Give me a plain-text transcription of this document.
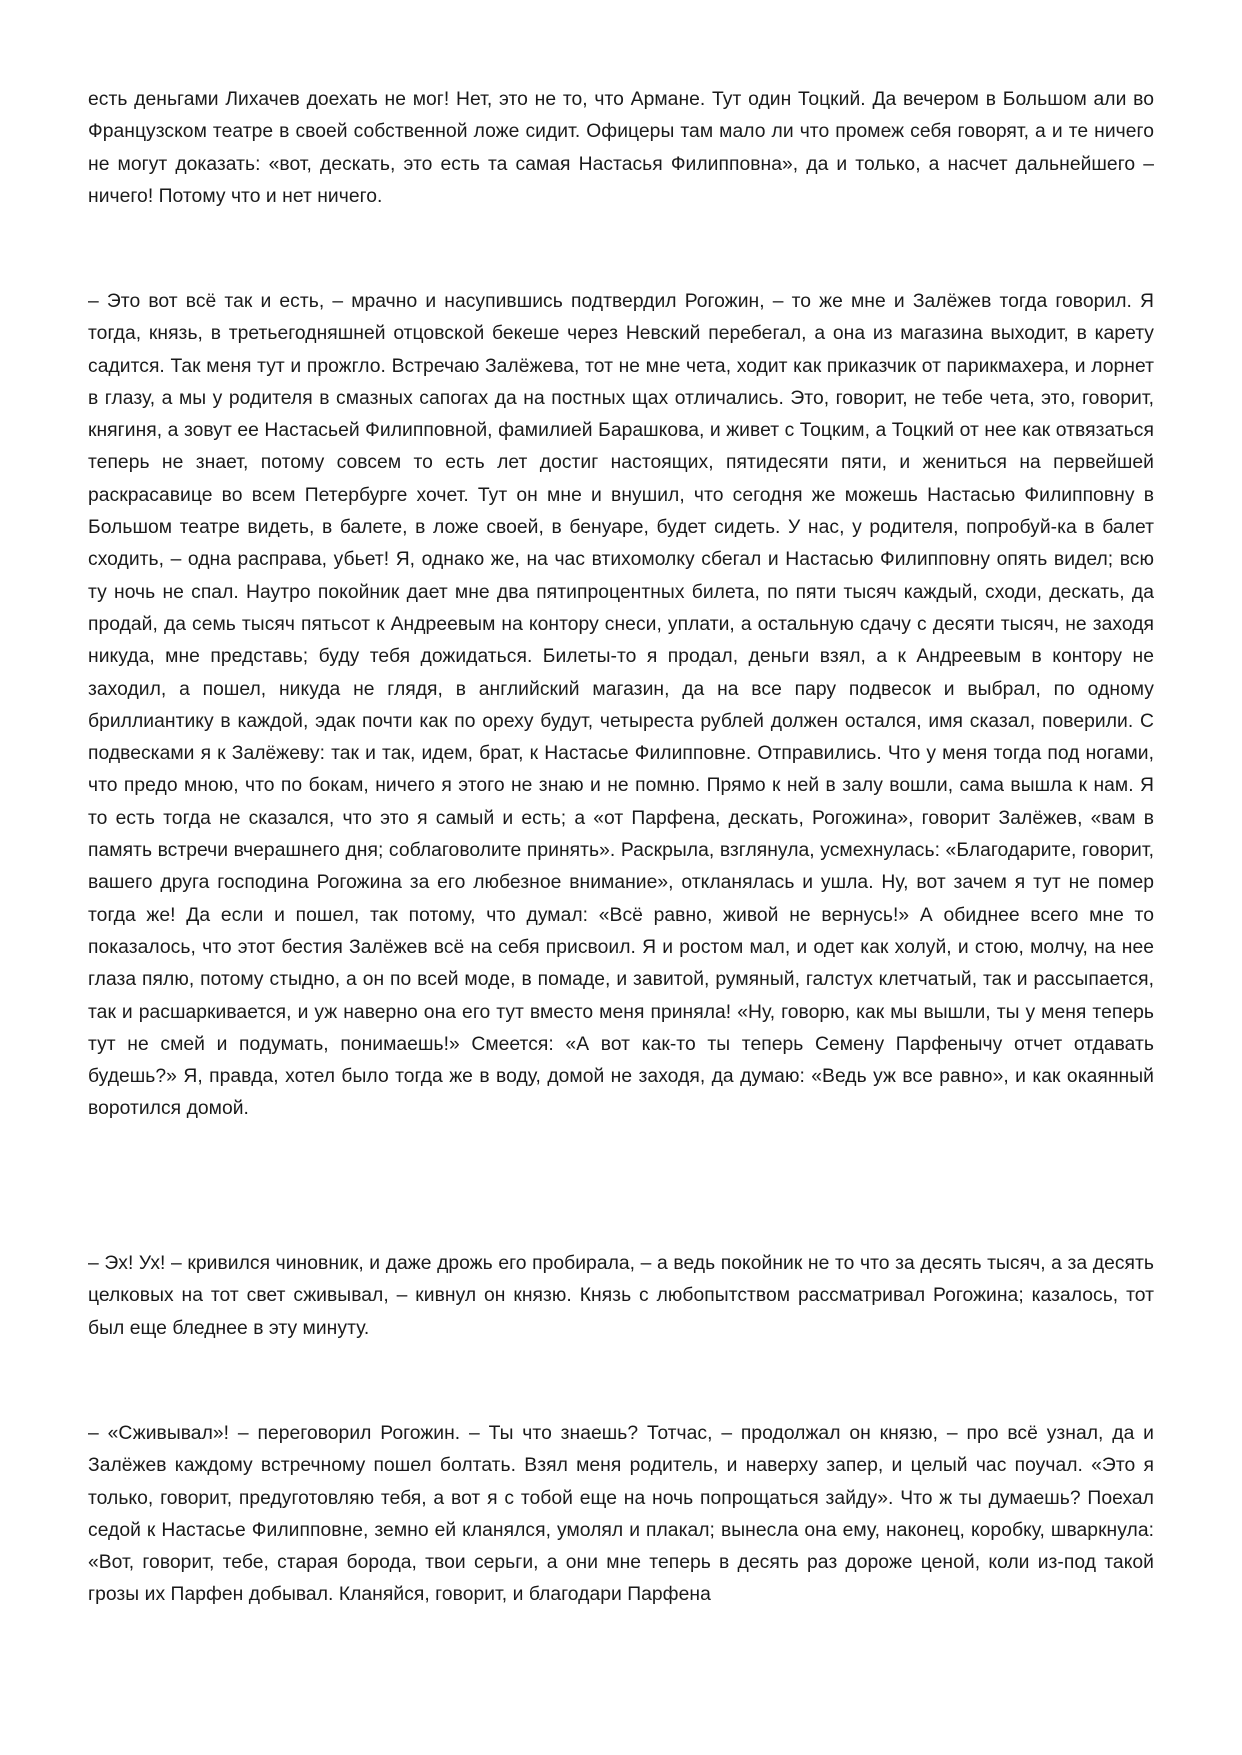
есть деньгами Лихачев доехать не мог! Нет, это не то, что Армане. Тут один Тоцкий. Да вечером в Большом али во Французском театре в своей собственной ложе сидит. Офицеры там мало ли что промеж себя говорят, а и те ничего не могут доказать: «вот, дескать, это есть та самая Настасья Филипповна», да и только, а насчет дальнейшего – ничего! Потому что и нет ничего.

– Это вот всё так и есть, – мрачно и насупившись подтвердил Рогожин, – то же мне и Залёжев тогда говорил. Я тогда, князь, в третьегодняшней отцовской бекеше через Невский перебегал, а она из магазина выходит, в карету садится. Так меня тут и прожгло. Встречаю Залёжева, тот не мне чета, ходит как приказчик от парикмахера, и лорнет в глазу, а мы у родителя в смазных сапогах да на постных щах отличались. Это, говорит, не тебе чета, это, говорит, княгиня, а зовут ее Настасьей Филипповной, фамилией Барашкова, и живет с Тоцким, а Тоцкий от нее как отвязаться теперь не знает, потому совсем то есть лет достиг настоящих, пятидесяти пяти, и жениться на первейшей раскрасавице во всем Петербурге хочет. Тут он мне и внушил, что сегодня же можешь Настасью Филипповну в Большом театре видеть, в балете, в ложе своей, в бенуаре, будет сидеть. У нас, у родителя, попробуй-ка в балет сходить, – одна расправа, убьет! Я, однако же, на час втихомолку сбегал и Настасью Филипповну опять видел; всю ту ночь не спал. Наутро покойник дает мне два пятипроцентных билета, по пяти тысяч каждый, сходи, дескать, да продай, да семь тысяч пятьсот к Андреевым на контору снеси, уплати, а остальную сдачу с десяти тысяч, не заходя никуда, мне представь; буду тебя дожидаться. Билеты-то я продал, деньги взял, а к Андреевым в контору не заходил, а пошел, никуда не глядя, в английский магазин, да на все пару подвесок и выбрал, по одному бриллиантику в каждой, эдак почти как по ореху будут, четыреста рублей должен остался, имя сказал, поверили. С подвесками я к Залёжеву: так и так, идем, брат, к Настасье Филипповне. Отправились. Что у меня тогда под ногами, что предо мною, что по бокам, ничего я этого не знаю и не помню. Прямо к ней в залу вошли, сама вышла к нам. Я то есть тогда не сказался, что это я самый и есть; а «от Парфена, дескать, Рогожина», говорит Залёжев, «вам в память встречи вчерашнего дня; соблаговолите принять». Раскрыла, взглянула, усмехнулась: «Благодарите, говорит, вашего друга господина Рогожина за его любезное внимание», откланялась и ушла. Ну, вот зачем я тут не помер тогда же! Да если и пошел, так потому, что думал: «Всё равно, живой не вернусь!» А обиднее всего мне то показалось, что этот бестия Залёжев всё на себя присвоил. Я и ростом мал, и одет как холуй, и стою, молчу, на нее глаза пялю, потому стыдно, а он по всей моде, в помаде, и завитой, румяный, галстух клетчатый, так и рассыпается, так и расшаркивается, и уж наверно она его тут вместо меня приняла! «Ну, говорю, как мы вышли, ты у меня теперь тут не смей и подумать, понимаешь!» Смеется: «А вот как-то ты теперь Семену Парфенычу отчет отдавать будешь?» Я, правда, хотел было тогда же в воду, домой не заходя, да думаю: «Ведь уж все равно», и как окаянный воротился домой.

– Эх! Ух! – кривился чиновник, и даже дрожь его пробирала, – а ведь покойник не то что за десять тысяч, а за десять целковых на тот свет сживывал, – кивнул он князю. Князь с любопытством рассматривал Рогожина; казалось, тот был еще бледнее в эту минуту.

– «Сживывал»! – переговорил Рогожин. – Ты что знаешь? Тотчас, – продолжал он князю, – про всё узнал, да и Залёжев каждому встречному пошел болтать. Взял меня родитель, и наверху запер, и целый час поучал. «Это я только, говорит, предуготовляю тебя, а вот я с тобой еще на ночь попрощаться зайду». Что ж ты думаешь? Поехал седой к Настасье Филипповне, земно ей кланялся, умолял и плакал; вынесла она ему, наконец, коробку, шваркнула: «Вот, говорит, тебе, старая борода, твои серьги, а они мне теперь в десять раз дороже ценой, коли из-под такой грозы их Парфен добывал. Кланяйся, говорит, и благодари Парфена
